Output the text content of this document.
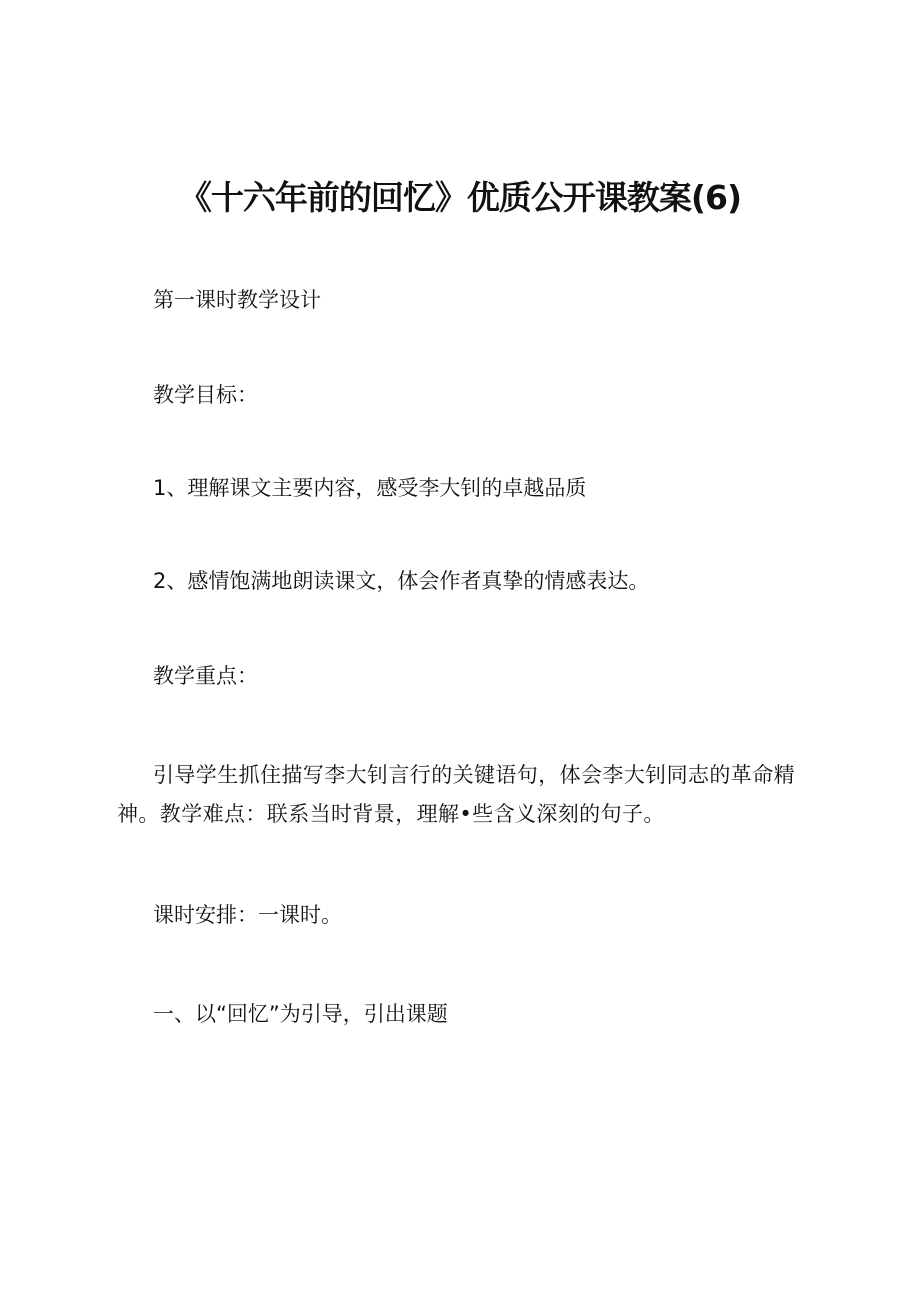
《十六年前的回忆》优质公开课教案(6)
第一课时教学设计
教学目标：
1、理解课文主要内容，感受李大钊的卓越品质
2、感情饱满地朗读课文，体会作者真挚的情感表达。
教学重点：
引导学生抓住描写李大钊言行的关键语句，体会李大钊同志的革命精神。教学难点：联系当时背景，理解•些含义深刻的句子。
课时安排：一课时。
一、以“回忆”为引导，引出课题
